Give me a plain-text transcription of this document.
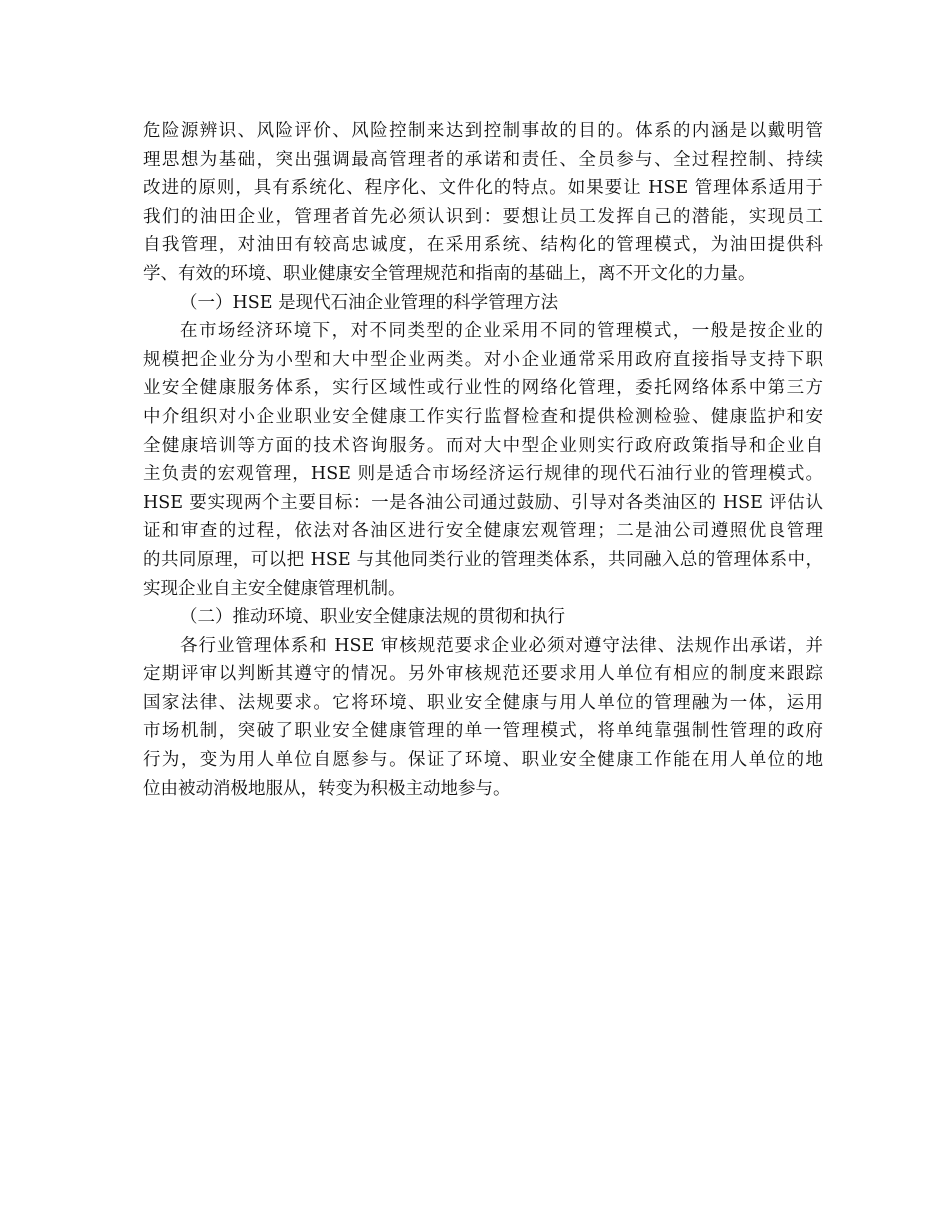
危险源辨识、风险评价、风险控制来达到控制事故的目的。体系的内涵是以戴明管
理思想为基础，突出强调最高管理者的承诺和责任、全员参与、全过程控制、持续
改进的原则，具有系统化、程序化、文件化的特点。如果要让 HSE 管理体系适用于
我们的油田企业，管理者首先必须认识到：要想让员工发挥自己的潜能，实现员工
自我管理，对油田有较高忠诚度，在采用系统、结构化的管理模式，为油田提供科
学、有效的环境、职业健康安全管理规范和指南的基础上，离不开文化的力量。
（一）HSE 是现代石油企业管理的科学管理方法
在市场经济环境下，对不同类型的企业采用不同的管理模式，一般是按企业的
规模把企业分为小型和大中型企业两类。对小企业通常采用政府直接指导支持下职
业安全健康服务体系，实行区域性或行业性的网络化管理，委托网络体系中第三方
中介组织对小企业职业安全健康工作实行监督检查和提供检测检验、健康监护和安
全健康培训等方面的技术咨询服务。而对大中型企业则实行政府政策指导和企业自
主负责的宏观管理，HSE 则是适合市场经济运行规律的现代石油行业的管理模式。
HSE 要实现两个主要目标：一是各油公司通过鼓励、引导对各类油区的 HSE 评估认
证和审查的过程，依法对各油区进行安全健康宏观管理；二是油公司遵照优良管理
的共同原理，可以把 HSE 与其他同类行业的管理类体系，共同融入总的管理体系中，
实现企业自主安全健康管理机制。
（二）推动环境、职业安全健康法规的贯彻和执行
各行业管理体系和 HSE 审核规范要求企业必须对遵守法律、法规作出承诺，并
定期评审以判断其遵守的情况。另外审核规范还要求用人单位有相应的制度来跟踪
国家法律、法规要求。它将环境、职业安全健康与用人单位的管理融为一体，运用
市场机制，突破了职业安全健康管理的单一管理模式，将单纯靠强制性管理的政府
行为，变为用人单位自愿参与。保证了环境、职业安全健康工作能在用人单位的地
位由被动消极地服从，转变为积极主动地参与。
